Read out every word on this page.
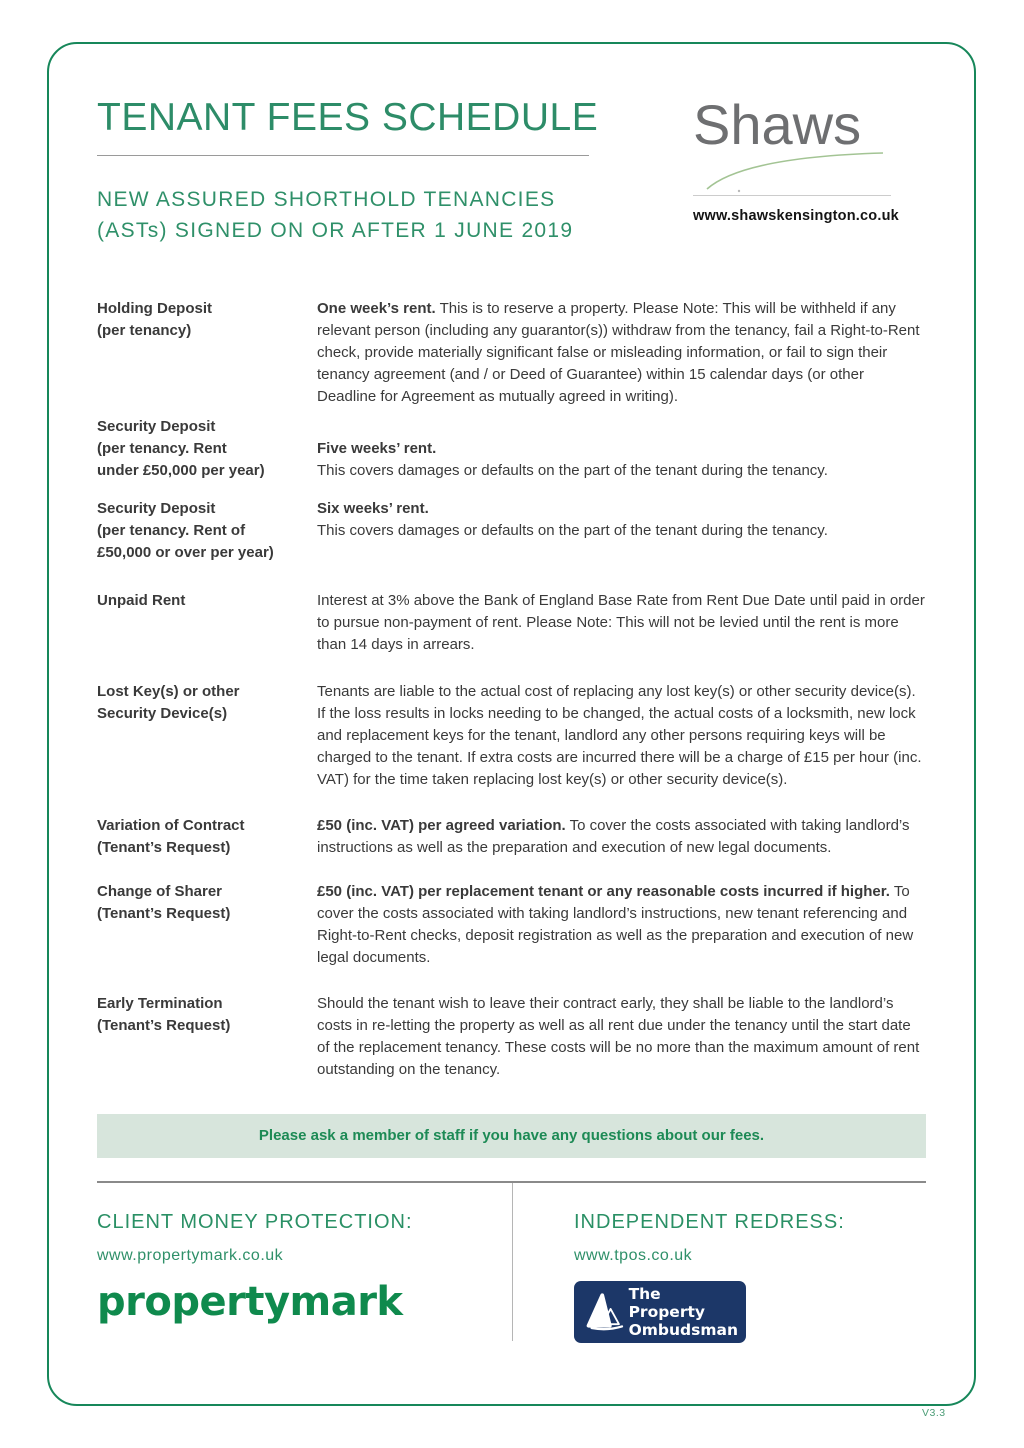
TENANT FEES SCHEDULE
NEW ASSURED SHORTHOLD TENANCIES
(ASTs) SIGNED ON OR AFTER 1 JUNE 2019
Shaws
www.shawskensington.co.uk
Holding Deposit
(per tenancy)
One week’s rent. This is to reserve a property. Please Note: This will be withheld if any relevant person (including any guarantor(s)) withdraw from the tenancy, fail a Right-to-Rent check, provide materially significant false or misleading information, or fail to sign their tenancy agreement (and / or Deed of Guarantee) within 15 calendar days (or other Deadline for Agreement as mutually agreed in writing).
Security Deposit
(per tenancy. Rent
under £50,000 per year)
Five weeks’ rent.
This covers damages or defaults on the part of the tenant during the tenancy.
Security Deposit
(per tenancy. Rent of
£50,000 or over per year)
Six weeks’ rent.
This covers damages or defaults on the part of the tenant during the tenancy.
Unpaid Rent	Interest at 3% above the Bank of England Base Rate from Rent Due Date until paid in order to pursue non-payment of rent. Please Note: This will not be levied until the rent is more than 14 days in arrears.
Lost Key(s) or other
Security Device(s)
Tenants are liable to the actual cost of replacing any lost key(s) or other security device(s). If the loss results in locks needing to be changed, the actual costs of a locksmith, new lock and replacement keys for the tenant, landlord any other persons requiring keys will be charged to the tenant. If extra costs are incurred there will be a charge of £15 per hour (inc. VAT) for the time taken replacing lost key(s) or other security device(s).
Variation of Contract
(Tenant’s Request)
£50 (inc. VAT) per agreed variation. To cover the costs associated with taking landlord’s instructions as well as the preparation and execution of new legal documents.
Change of Sharer
(Tenant’s Request)
£50 (inc. VAT) per replacement tenant or any reasonable costs incurred if higher. To cover the costs associated with taking landlord’s instructions, new tenant referencing and Right-to-Rent checks, deposit registration as well as the preparation and execution of new legal documents.
Early Termination
(Tenant’s Request)
Should the tenant wish to leave their contract early, they shall be liable to the landlord’s costs in re-letting the property as well as all rent due under the tenancy until the start date of the replacement tenancy. These costs will be no more than the maximum amount of rent outstanding on the tenancy.
Please ask a member of staff if you have any questions about our fees.
CLIENT MONEY PROTECTION:
www.propertymark.co.uk
propertymark
INDEPENDENT REDRESS:
www.tpos.co.uk
The Property
Ombudsman
V3.3
